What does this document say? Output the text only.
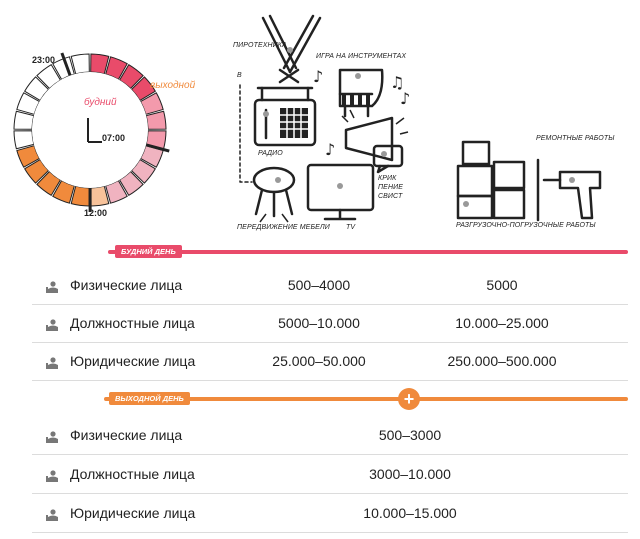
23:00
07:00
12:00
будний
выходной	♪	♫
♪
♪
ПИРОТЕХНИКА
ИГРА НА ИНСТРУМЕНТАХ
В
РАДИО
КРИК
ПЕНИЕ
СВИСТ
ПЕРЕДВИЖЕНИЕ МЕБЕЛИ TV
РЕМОНТНЫЕ РАБОТЫ
РАЗГРУЗОЧНО-ПОГРУЗОЧНЫЕ РАБОТЫ
БУДНИЙ ДЕНЬ
Физические лица	500–4000	5000
Должностные лица	5000–10.000	10.000–25.000
Юридические лица	25.000–50.000	250.000–500.000
ВЫХОДНОЙ ДЕНЬ	+
Физические лица	500–3000
Должностные лица	3000–10.000
Юридические лица	10.000–15.000
